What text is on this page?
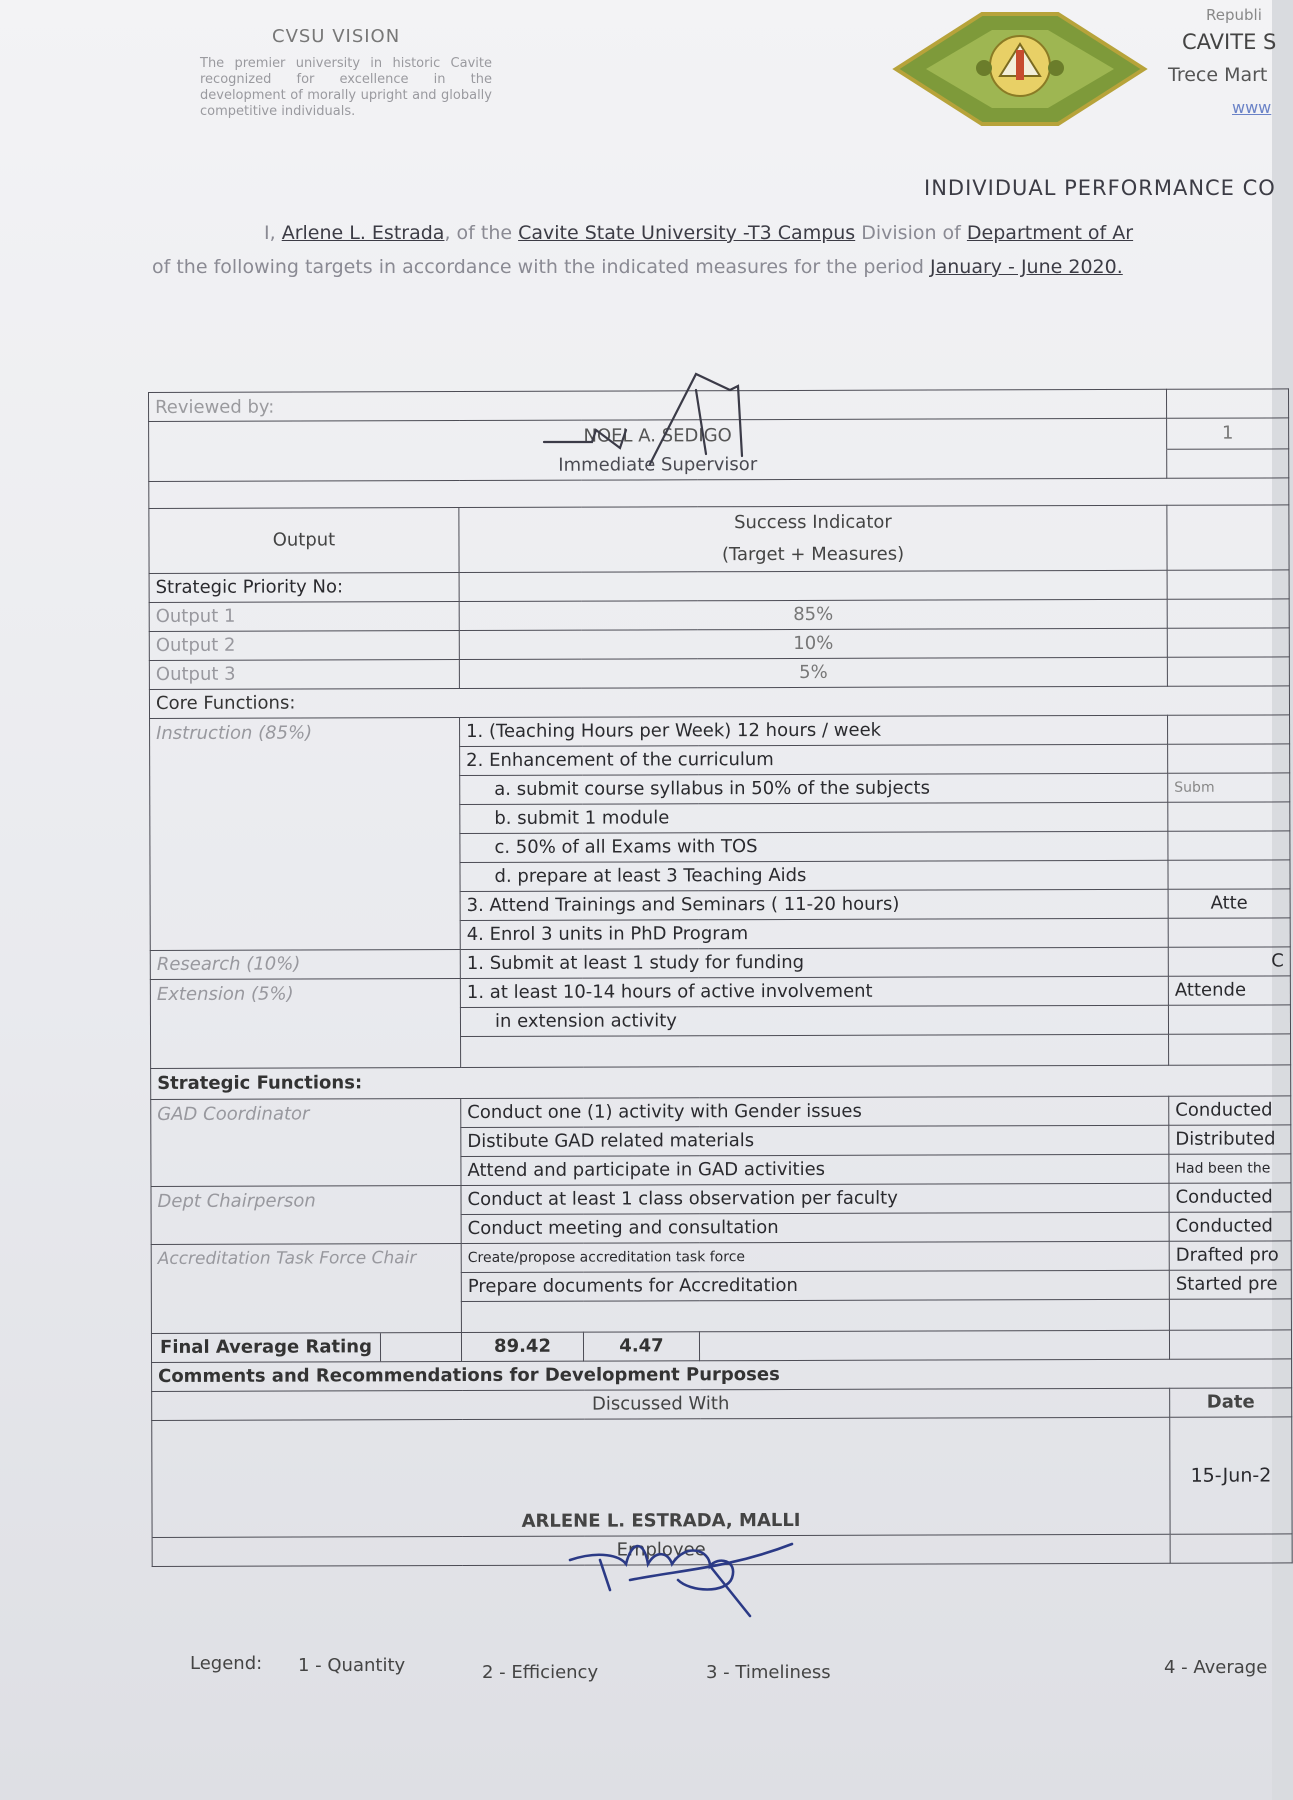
CVSU VISION
The premier university in historic Cavite recognized for excellence in the development of morally upright and globally competitive individuals.
Republi
CAVITE S
Trece Mart
www
INDIVIDUAL PERFORMANCE CO
I, Arlene L. Estrada, of the Cavite State University -T3 Campus Division of Department of Ar
of the following targets in accordance with the indicated measures for the period January - June 2020.
Reviewed by:				
NOEL A. SEDIGO				1
Immediate Supervisor				

Output	Success Indicator
(Target + Measures)			

Strategic Priority No:				
Output 1	85%			
Output 2	10%			
Output 3	5%			
Core Functions:				
Instruction (85%)	1. (Teaching Hours per Week) 12 hours / week			
	2. Enhancement of the curriculum			
	a. submit course syllabus in 50% of the subjects			Subm
	b. submit 1 module			
	c. 50% of all Exams with TOS			
	d. prepare at least 3 Teaching Aids			
	3. Attend Trainings and Seminars ( 11-20 hours)			Atte
	4. Enrol 3 units in PhD Program			
Research (10%)	1. Submit at least 1 study for funding			C
Extension (5%)	1. at least 10-14 hours of active involvement			Attende
	in extension activity			

Strategic Functions:				
GAD Coordinator	Conduct one (1) activity with Gender issues			Conducted
	Distibute GAD related materials			Distributed
	Attend and participate in GAD activities			Had been the
Dept Chairperson	Conduct at least 1 class observation per faculty			Conducted
	Conduct meeting and consultation			Conducted
Accreditation Task Force Chair	Create/propose accreditation task force			Drafted pro
	Prepare documents for Accreditation			Started pre

Final Average Rating	89.42	4.47		
Comments and Recommendations for Development Purposes				
Discussed With				Date
ARLENE L. ESTRADA, MALLI				15-Jun-2
Employee				
Legend: 1 - Quantity	2 - Efficiency	3 - Timeliness	4 - Average
